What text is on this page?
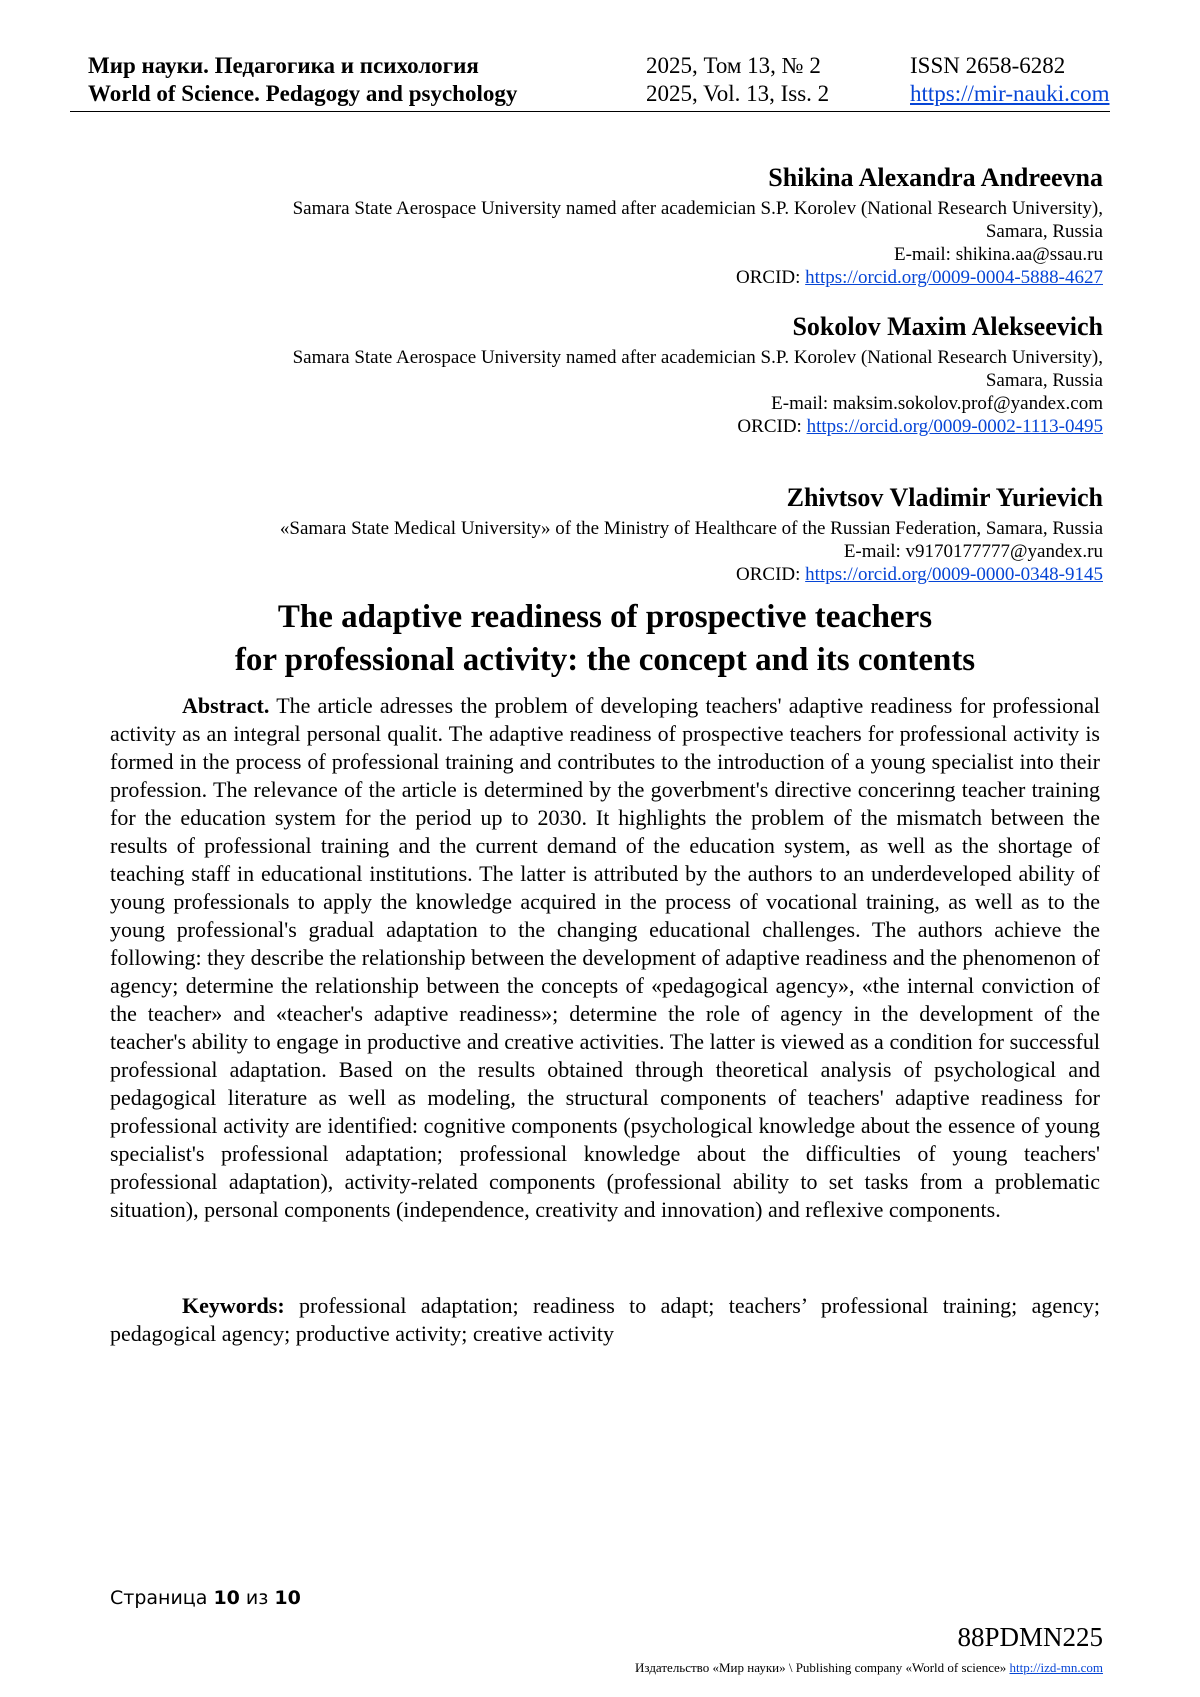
Мир науки. Педагогика и психология
World of Science. Pedagogy and psychology
2025, Том 13, № 2
2025, Vol. 13, Iss. 2
ISSN 2658-6282
https://mir-nauki.com
Shikina Alexandra Andreevna
Samara State Aerospace University named after academician S.P. Korolev (National Research University),
Samara, Russia
E-mail: shikina.aa@ssau.ru
ORCID: https://orcid.org/0009-0004-5888-4627
Sokolov Maxim Alekseevich
Samara State Aerospace University named after academician S.P. Korolev (National Research University),
Samara, Russia
E-mail: maksim.sokolov.prof@yandex.com
ORCID: https://orcid.org/0009-0002-1113-0495
Zhivtsov Vladimir Yurievich
«Samara State Medical University» of the Ministry of Healthcare of the Russian Federation, Samara, Russia
E-mail: v9170177777@yandex.ru
ORCID: https://orcid.org/0009-0000-0348-9145
The adaptive readiness of prospective teachers
for professional activity: the concept and its contents

Abstract. The article adresses the problem of developing teachers' adaptive readiness for professional activity as an integral personal qualit. The adaptive readiness of prospective teachers for professional activity is formed in the process of professional training and contributes to the introduction of a young specialist into their profession. The relevance of the article is determined by the goverbment's directive concerinng teacher training for the education system for the period up to 2030. It highlights the problem of the mismatch between the results of professional training and the current demand of the education system, as well as the shortage of teaching staff in educational institutions. The latter is attributed by the authors to an underdeveloped ability of young professionals to apply the knowledge acquired in the process of vocational training, as well as to the young professional's gradual adaptation to the changing educational challenges. The authors achieve the following: they describe the relationship between the development of adaptive readiness and the phenomenon of agency; determine the relationship between the concepts of «pedagogical agency», «the internal conviction of the teacher» and «teacher's adaptive readiness»; determine the role of agency in the development of the teacher's ability to engage in productive and creative activities. The latter is viewed as a condition for successful professional adaptation. Based on the results obtained through theoretical analysis of psychological and pedagogical literature as well as modeling, the structural components of teachers' adaptive readiness for professional activity are identified: cognitive components (psychological knowledge about the essence of young specialist's professional adaptation; professional knowledge about the difficulties of young teachers' professional adaptation), activity-related components (professional ability to set tasks from a problematic situation), personal components (independence, creativity and innovation) and reflexive components.

Keywords: professional adaptation; readiness to adapt; teachers’ professional training; agency; pedagogical agency; productive activity; creative activity

Страница 10 из 10
88PDMN225
Издательство «Мир науки» \ Publishing company «World of science» http://izd-mn.com
